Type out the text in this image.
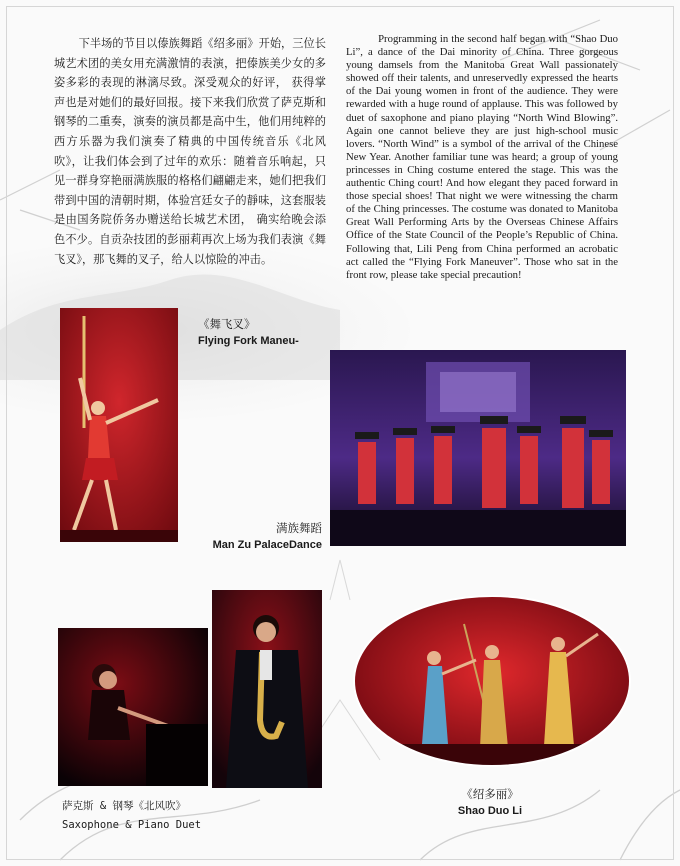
下半场的节目以傣族舞蹈《绍多丽》开始，三位长城艺术团的美女用充满激情的表演，把傣族美少女的多姿多彩的表现的淋漓尽致。深受观众的好评， 获得掌声也是对她们的最好回报。接下来我们欣赏了萨克斯和钢琴的二重奏，演奏的演员都是高中生，他们用纯粹的西方乐器为我们演奏了精典的中国传统音乐《北风吹》，让我们体会到了过年的欢乐：随着音乐响起，只见一群身穿艳丽满族服的格格们翩翩走来，她们把我们带到中国的清朝时期，体验宫廷女子的靜味，这套服装是由国务院侨务办赠送给长城艺术团， 确实给晚会添色不少。自贡杂技团的彭丽莉再次上场为我们表演《舞飞叉》，那飞舞的叉子，给人以惊险的冲击。

Programming in the second half began with “Shao Duo Li”, a dance of the Dai minority of China. Three gorgeous young damsels from the Manitoba Great Wall passionately showed off their talents, and unreservedly expressed the hearts of the Dai young women in front of the audience. They were rewarded with a huge round of applause. This was followed by duet of saxophone and piano playing “North Wind Blowing”. Again one cannot believe they are just high-school music lovers. “North Wind” is a symbol of the arrival of the Chinese New Year. Another familiar tune was heard; a group of young princesses in Ching costume entered the stage. This was the authentic Ching court! And how elegant they paced forward in those special shoes! That night we were witnessing the charm of the Ching princesses. The costume was donated to Manitoba Great Wall Performing Arts by the Overseas Chinese Affairs Office of the State Council of the People’s Republic of China. Following that, Lili Peng from China performed an acrobatic act called the “Flying Fork Maneuver”. Those who sat in the front row, please take special precaution!

《舞飞叉》
Flying Fork Maneu-
满族舞蹈
Man Zu PalaceDance
萨克斯 & 钢琴《北风吹》
Saxophone & Piano Duet
《绍多丽》
Shao Duo Li
